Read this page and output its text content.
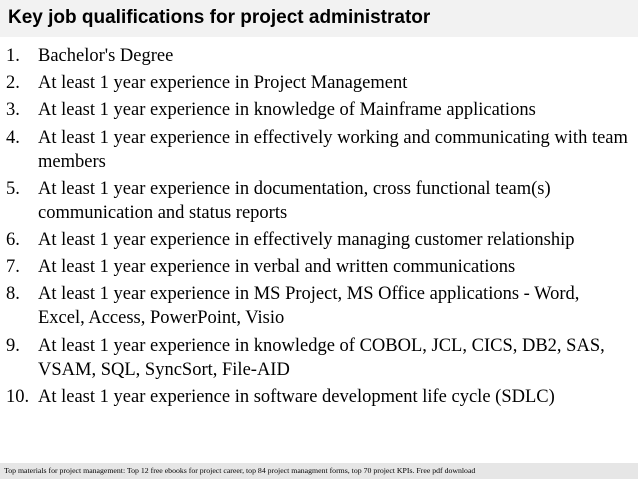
Key job qualifications for project administrator
1. Bachelor's Degree
2. At least 1 year experience in Project Management
3. At least 1 year experience in knowledge of Mainframe applications
4. At least 1 year experience in effectively working and communicating with team members
5. At least 1 year experience in documentation, cross functional team(s) communication and status reports
6. At least 1 year experience in effectively managing customer relationship
7. At least 1 year experience in verbal and written communications
8. At least 1 year experience in MS Project, MS Office applications - Word, Excel, Access, PowerPoint, Visio
9. At least 1 year experience in knowledge of COBOL, JCL, CICS, DB2, SAS, VSAM, SQL, SyncSort, File-AID
10. At least 1 year experience in software development life cycle (SDLC)
Top materials for project management: Top 12 free ebooks for project career, top 84 project managment forms, top 70 project KPIs. Free pdf download
